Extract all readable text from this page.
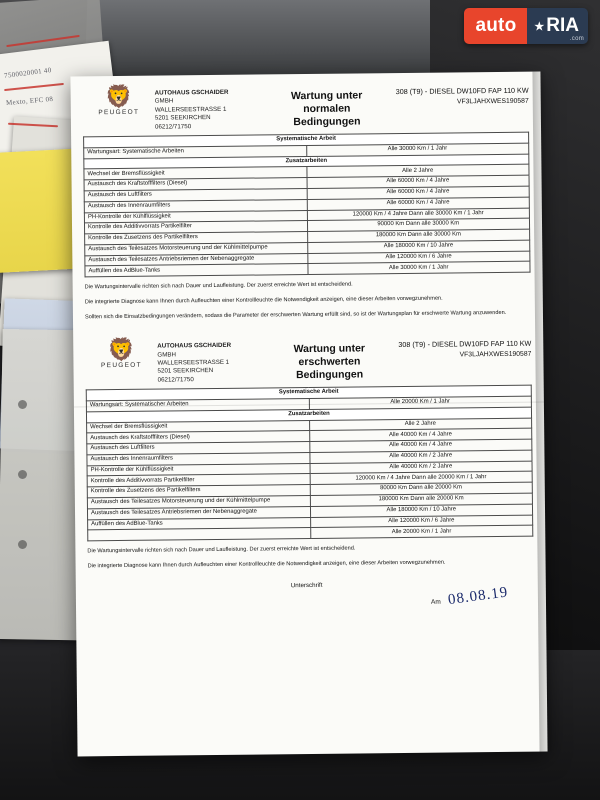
7500020001 40
Mexto, EFC 08
auto	★ RIA
.com
🦁
PEUGEOT
AUTOHAUS GSCHAIDER
GMBH
WALLERSEESTRASSE 1
5201 SEEKIRCHEN
06212/71750
Wartung unter normalen Bedingungen
308 (T9) - DIESEL DW10FD FAP 110 KW
VF3LJAHXWES190587
Systematische Arbeit	
Wartungsart: Systematische Arbeiten	Alle 30000 Km / 1 Jahr
Zusatzarbeiten	
Wechsel der Bremsflüssigkeit	Alle 2 Jahre
Austausch des Kraftstofffilters (Diesel)	Alle 60000 Km / 4 Jahre
Austausch des Luftfilters	Alle 60000 Km / 4 Jahre
Austausch des Innenraumfilters	Alle 60000 Km / 4 Jahre
PH-Kontrolle der Kühlflüssigkeit	120000 Km / 4 Jahre Dann alle 30000 Km / 1 Jahr
Kontrolle des Additivvorrats Partikelfilter	90000 Km Dann alle 30000 Km
Kontrolle des Zusetzens des Partikelfilters	180000 Km Dann alle 30000 Km
Austausch des Teilesatzes Motorsteuerung und der Kühlmittelpumpe	Alle 180000 Km / 10 Jahre
Austausch des Teilesatzes Antriebsriemen der Nebenaggregate	Alle 120000 Km / 6 Jahre
Auffüllen des AdBlue-Tanks	Alle 30000 Km / 1 Jahr

Die Wartungsintervalle richten sich nach Dauer und Laufleistung. Der zuerst erreichte Wert ist entscheidend.

Die integrierte Diagnose kann Ihnen durch Aufleuchten einer Kontrollleuchte die Notwendigkeit anzeigen, eine dieser Arbeiten vorwegzunehmen.

Sollten sich die Einsatzbedingungen verändern, sodass die Parameter der erschwerten Wartung erfüllt sind, so ist der Wartungsplan für erschwerte Wartung anzuwenden.

🦁
PEUGEOT
AUTOHAUS GSCHAIDER
GMBH
WALLERSEESTRASSE 1
5201 SEEKIRCHEN
06212/71750
Wartung unter erschwerten Bedingungen
308 (T9) - DIESEL DW10FD FAP 110 KW
VF3LJAHXWES190587
Systematische Arbeit	
Wartungsart: Systematischer Arbeiten	Alle 20000 Km / 1 Jahr
Zusatzarbeiten	
Wechsel der Bremsflüssigkeit	Alle 2 Jahre
Austausch des Kraftstofffilters (Diesel)	Alle 40000 Km / 4 Jahre
Austausch des Luftfilters	Alle 40000 Km / 4 Jahre
Austausch des Innenraumfilters	Alle 40000 Km / 2 Jahre
PH-Kontrolle der Kühlflüssigkeit	Alle 40000 Km / 2 Jahre
Kontrolle des Additivvorrats Partikelfilter	120000 Km / 4 Jahre Dann alle 20000 Km / 1 Jahr
Kontrolle des Zusetzens des Partikelfilters	80000 Km Dann alle 20000 Km
Austausch des Teilesatzes Motorsteuerung und der Kühlmittelpumpe	180000 Km Dann alle 20000 Km
Austausch des Teilesatzes Antriebsriemen der Nebenaggregate	Alle 180000 Km / 10 Jahre
Auffüllen des AdBlue-Tanks	Alle 120000 Km / 6 Jahre
	Alle 20000 Km / 1 Jahr

Die Wartungsintervalle richten sich nach Dauer und Laufleistung. Der zuerst erreichte Wert ist entscheidend.

Die integrierte Diagnose kann Ihnen durch Aufleuchten einer Kontrollleuchte die Notwendigkeit anzeigen, eine dieser Arbeiten vorwegzunehmen.

Unterschrift
Am 08.08.19
